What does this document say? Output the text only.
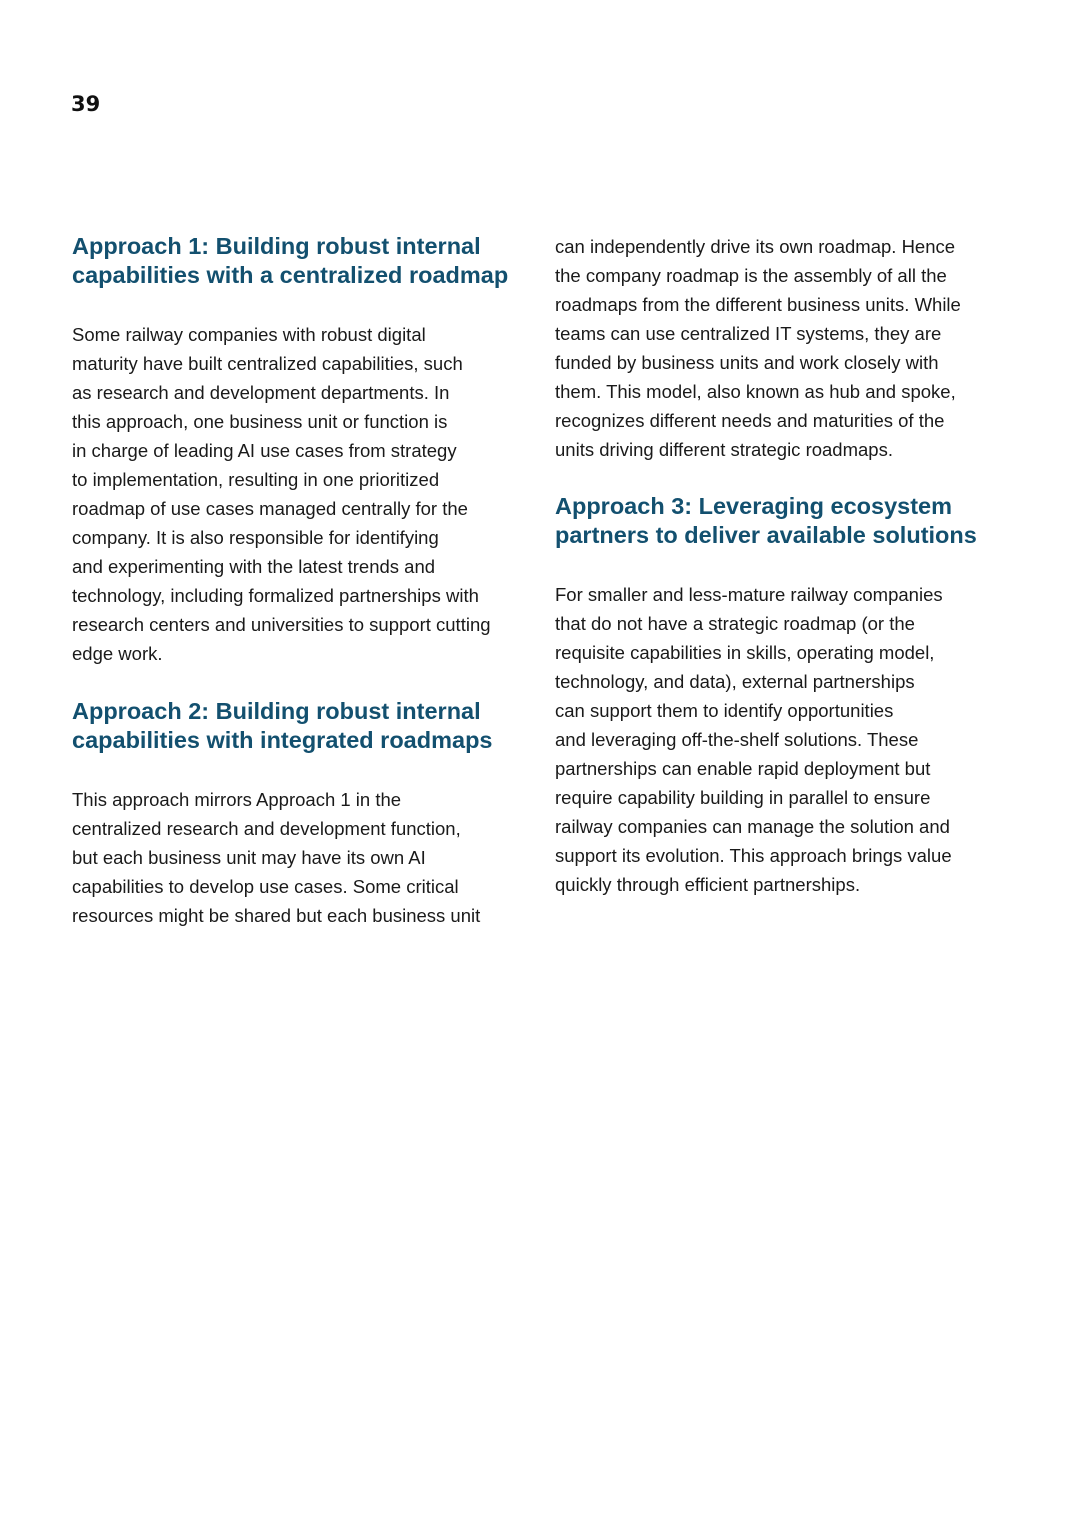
39
Approach 1: Building robust internal
capabilities with a centralized roadmap

Some railway companies with robust digital
maturity have built centralized capabilities, such
as research and development departments. In
this approach, one business unit or function is
in charge of leading AI use cases from strategy
to implementation, resulting in one prioritized
roadmap of use cases managed centrally for the
company. It is also responsible for identifying
and experimenting with the latest trends and
technology, including formalized partnerships with
research centers and universities to support cutting
edge work.

Approach 2: Building robust internal
capabilities with integrated roadmaps

This approach mirrors Approach 1 in the
centralized research and development function,
but each business unit may have its own AI
capabilities to develop use cases. Some critical
resources might be shared but each business unit

can independently drive its own roadmap. Hence
the company roadmap is the assembly of all the
roadmaps from the different business units. While
teams can use centralized IT systems, they are
funded by business units and work closely with
them. This model, also known as hub and spoke,
recognizes different needs and maturities of the
units driving different strategic roadmaps.

Approach 3: Leveraging ecosystem
partners to deliver available solutions

For smaller and less-mature railway companies
that do not have a strategic roadmap (or the
requisite capabilities in skills, operating model,
technology, and data), external partnerships
can support them to identify opportunities
and leveraging off-the-shelf solutions. These
partnerships can enable rapid deployment but
require capability building in parallel to ensure
railway companies can manage the solution and
support its evolution. This approach brings value
quickly through efficient partnerships.
